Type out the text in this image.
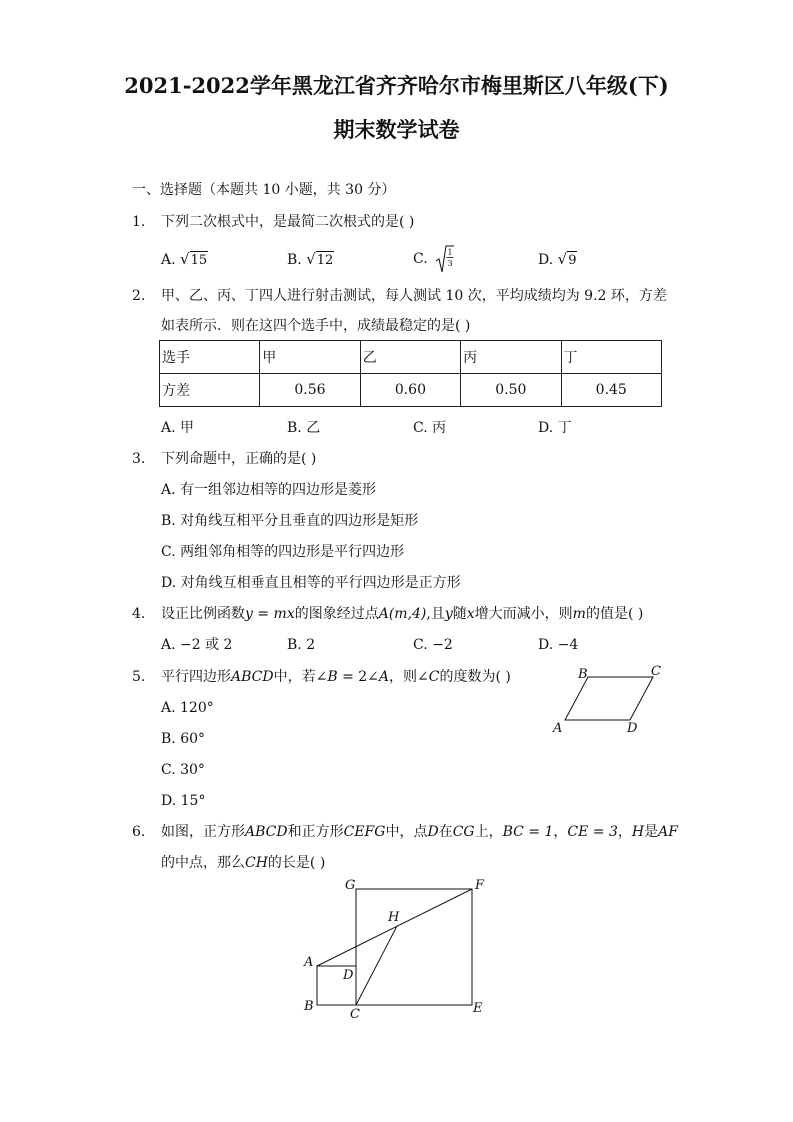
2021-2022学年黑龙江省齐齐哈尔市梅里斯区八年级(下)
期末数学试卷
一、选择题（本题共 10 小题，共 30 分）
1. 下列二次根式中，是最简二次根式的是( )
A. √ 15	B. √ 12	C. 1
3	D. √ 9
2. 甲、乙、丙、丁四人进行射击测试，每人测试 10 次，平均成绩均为 9.2 环，方差
如表所示．则在这四个选手中，成绩最稳定的是( )
选手	甲	乙	丙	丁
方差	0.56	0.60	0.50	0.45
A. 甲	B. 乙	C. 丙	D. 丁
3. 下列命题中，正确的是( )
A. 有一组邻边相等的四边形是菱形
B. 对角线互相平分且垂直的四边形是矩形
C. 两组邻角相等的四边形是平行四边形
D. 对角线互相垂直且相等的平行四边形是正方形
4. 设正比例函数y = mx的图象经过点A(m,4),且y随x增大而减小，则m的值是( )
A. −2 或 2	B. 2	C. −2	D. −4
5. 平行四边形ABCD中，若∠B = 2∠A，则∠C的度数为( )
A. 120°
B. 60°
C. 30°
D. 15°
B	C
A	D
6. 如图，正方形ABCD和正方形CEFG中，点D在CG上，BC = 1，CE = 3，H是AF
的中点，那么CH的长是( )
G	F
H
A
D
B
C	E
